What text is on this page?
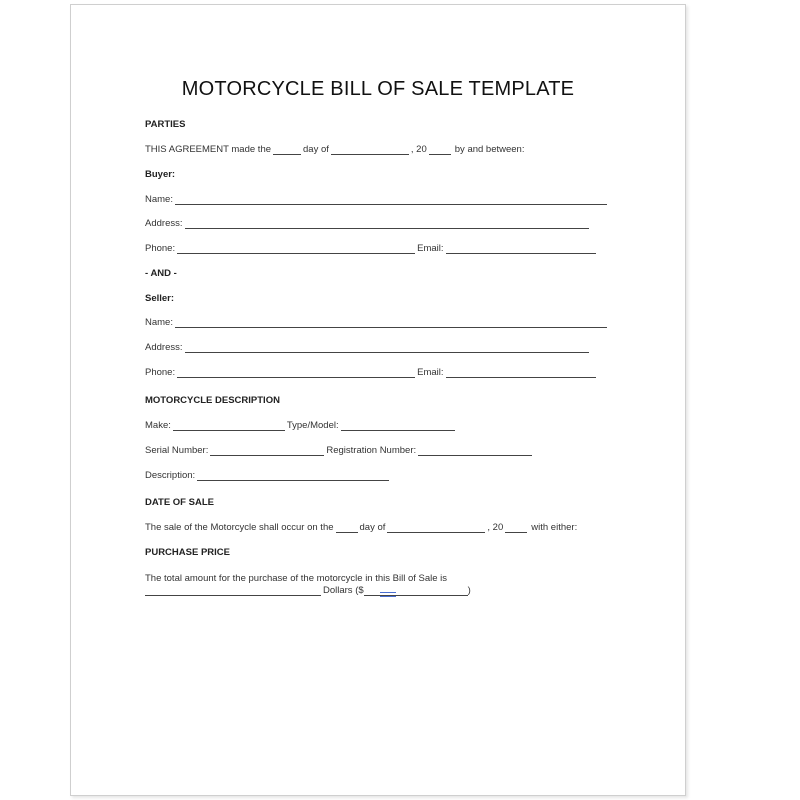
MOTORCYCLE BILL OF SALE TEMPLATE
PARTIES
THIS AGREEMENT made the	day of	, 20	by and between:
Buyer:
Name:
Address:
Phone:	Email:
- AND -
Seller:
Name:
Address:
Phone:	Email:
MOTORCYCLE DESCRIPTION
Make:	Type/Model:
Serial Number:	Registration Number:
Description:
DATE OF SALE
The sale of the Motorcycle shall occur on the	day of	, 20	with either:
PURCHASE PRICE
The total amount for the purchase of the motorcycle in this Bill of Sale is
Dollars ($	)
